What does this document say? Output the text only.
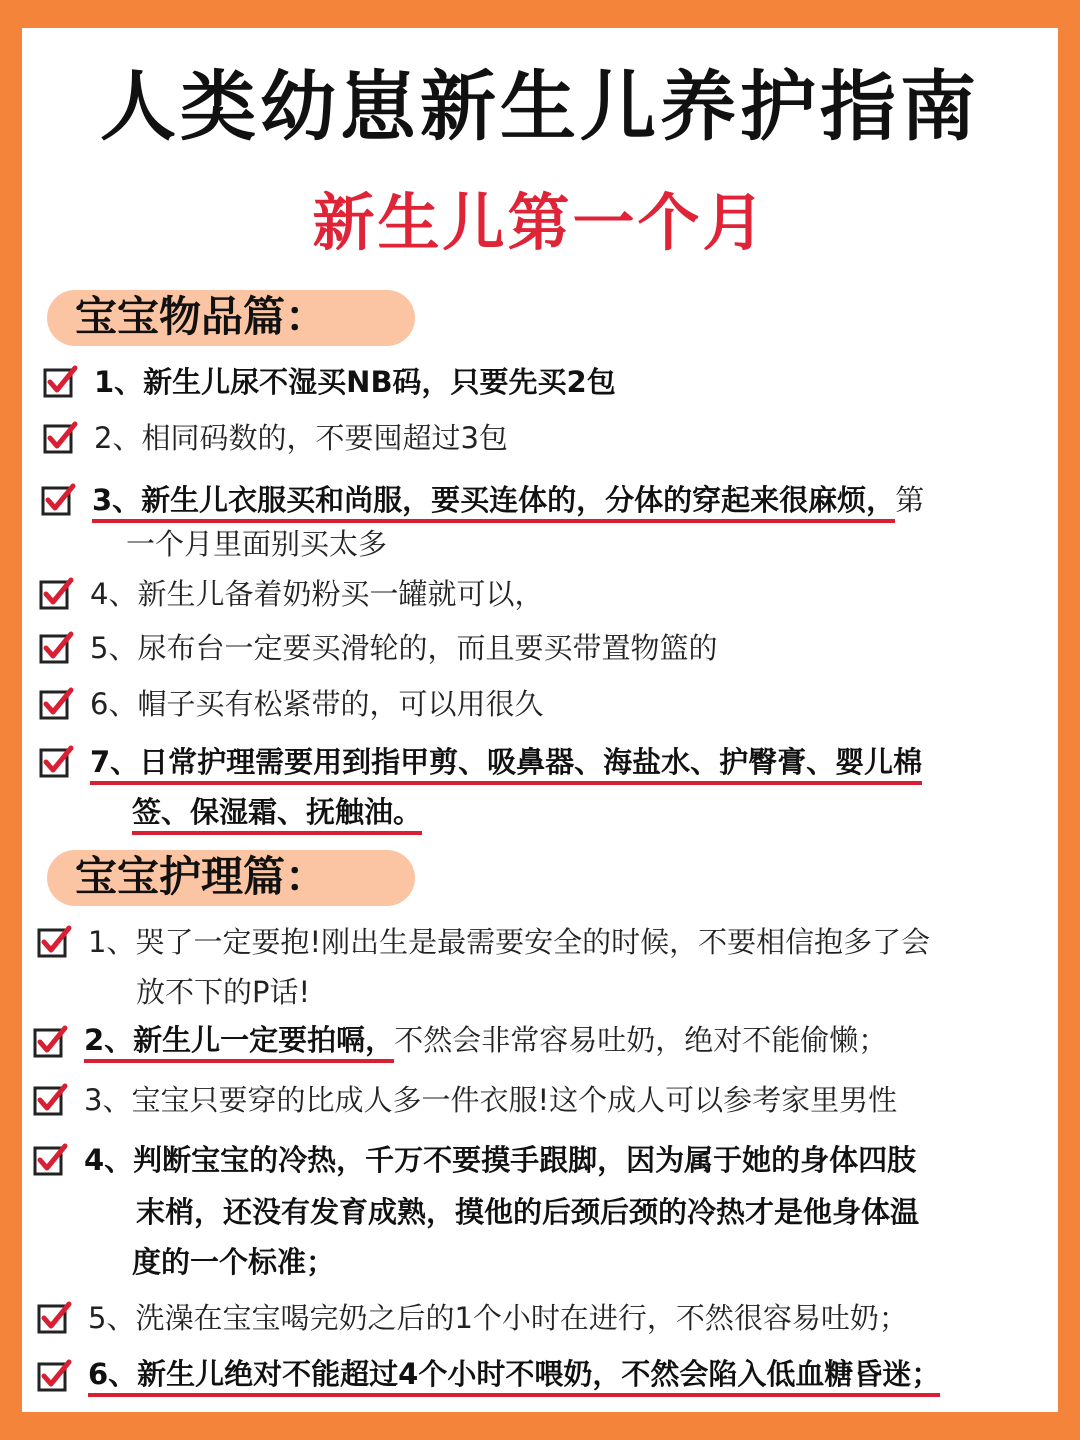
人类幼崽新生儿养护指南
新生儿第一个月
宝宝物品篇：
1、新生儿尿不湿买NB码，只要先买2包
2、相同码数的，不要囤超过3包
3、新生儿衣服买和尚服，要买连体的，分体的穿起来很麻烦，第
一个月里面别买太多
4、新生儿备着奶粉买一罐就可以，
5、尿布台一定要买滑轮的，而且要买带置物篮的
6、帽子买有松紧带的，可以用很久
7、日常护理需要用到指甲剪、吸鼻器、海盐水、护臀膏、婴儿棉
签、保湿霜、抚触油。
宝宝护理篇：
1、哭了一定要抱!刚出生是最需要安全的时候，不要相信抱多了会
放不下的P话!
2、新生儿一定要拍嗝，不然会非常容易吐奶，绝对不能偷懒；
3、宝宝只要穿的比成人多一件衣服!这个成人可以参考家里男性
4、判断宝宝的冷热，千万不要摸手跟脚，因为属于她的身体四肢
末梢，还没有发育成熟，摸他的后颈后颈的冷热才是他身体温
度的一个标准；
5、洗澡在宝宝喝完奶之后的1个小时在进行，不然很容易吐奶；
6、新生儿绝对不能超过4个小时不喂奶，不然会陷入低血糖昏迷；
